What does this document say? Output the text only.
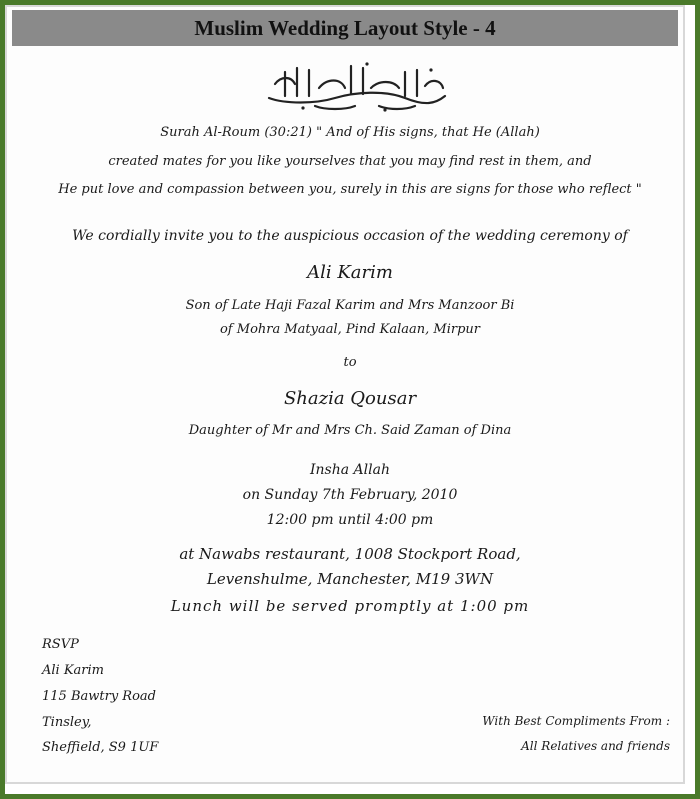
Muslim Wedding Layout Style - 4
بسم الله الرحمن الرحيم
Surah Al-Roum (30:21) " And of His signs, that He (Allah)
created mates for you like yourselves that you may find rest in them, and
He put love and compassion between you, surely in this are signs for those who reflect "
We cordially invite you to the auspicious occasion of the wedding ceremony of
Ali Karim
Son of Late Haji Fazal Karim and Mrs Manzoor Bi
of Mohra Matyaal, Pind Kalaan, Mirpur
to
Shazia Qousar
Daughter of Mr and Mrs Ch. Said Zaman of Dina
Insha Allah
on Sunday 7th February, 2010
12:00 pm until 4:00 pm
at Nawabs restaurant, 1008 Stockport Road,
Levenshulme, Manchester, M19 3WN
Lunch will be served promptly at 1:00 pm
RSVP
Ali Karim
115 Bawtry Road
Tinsley,
Sheffield, S9 1UF
With Best Compliments From :
All Relatives and friends
